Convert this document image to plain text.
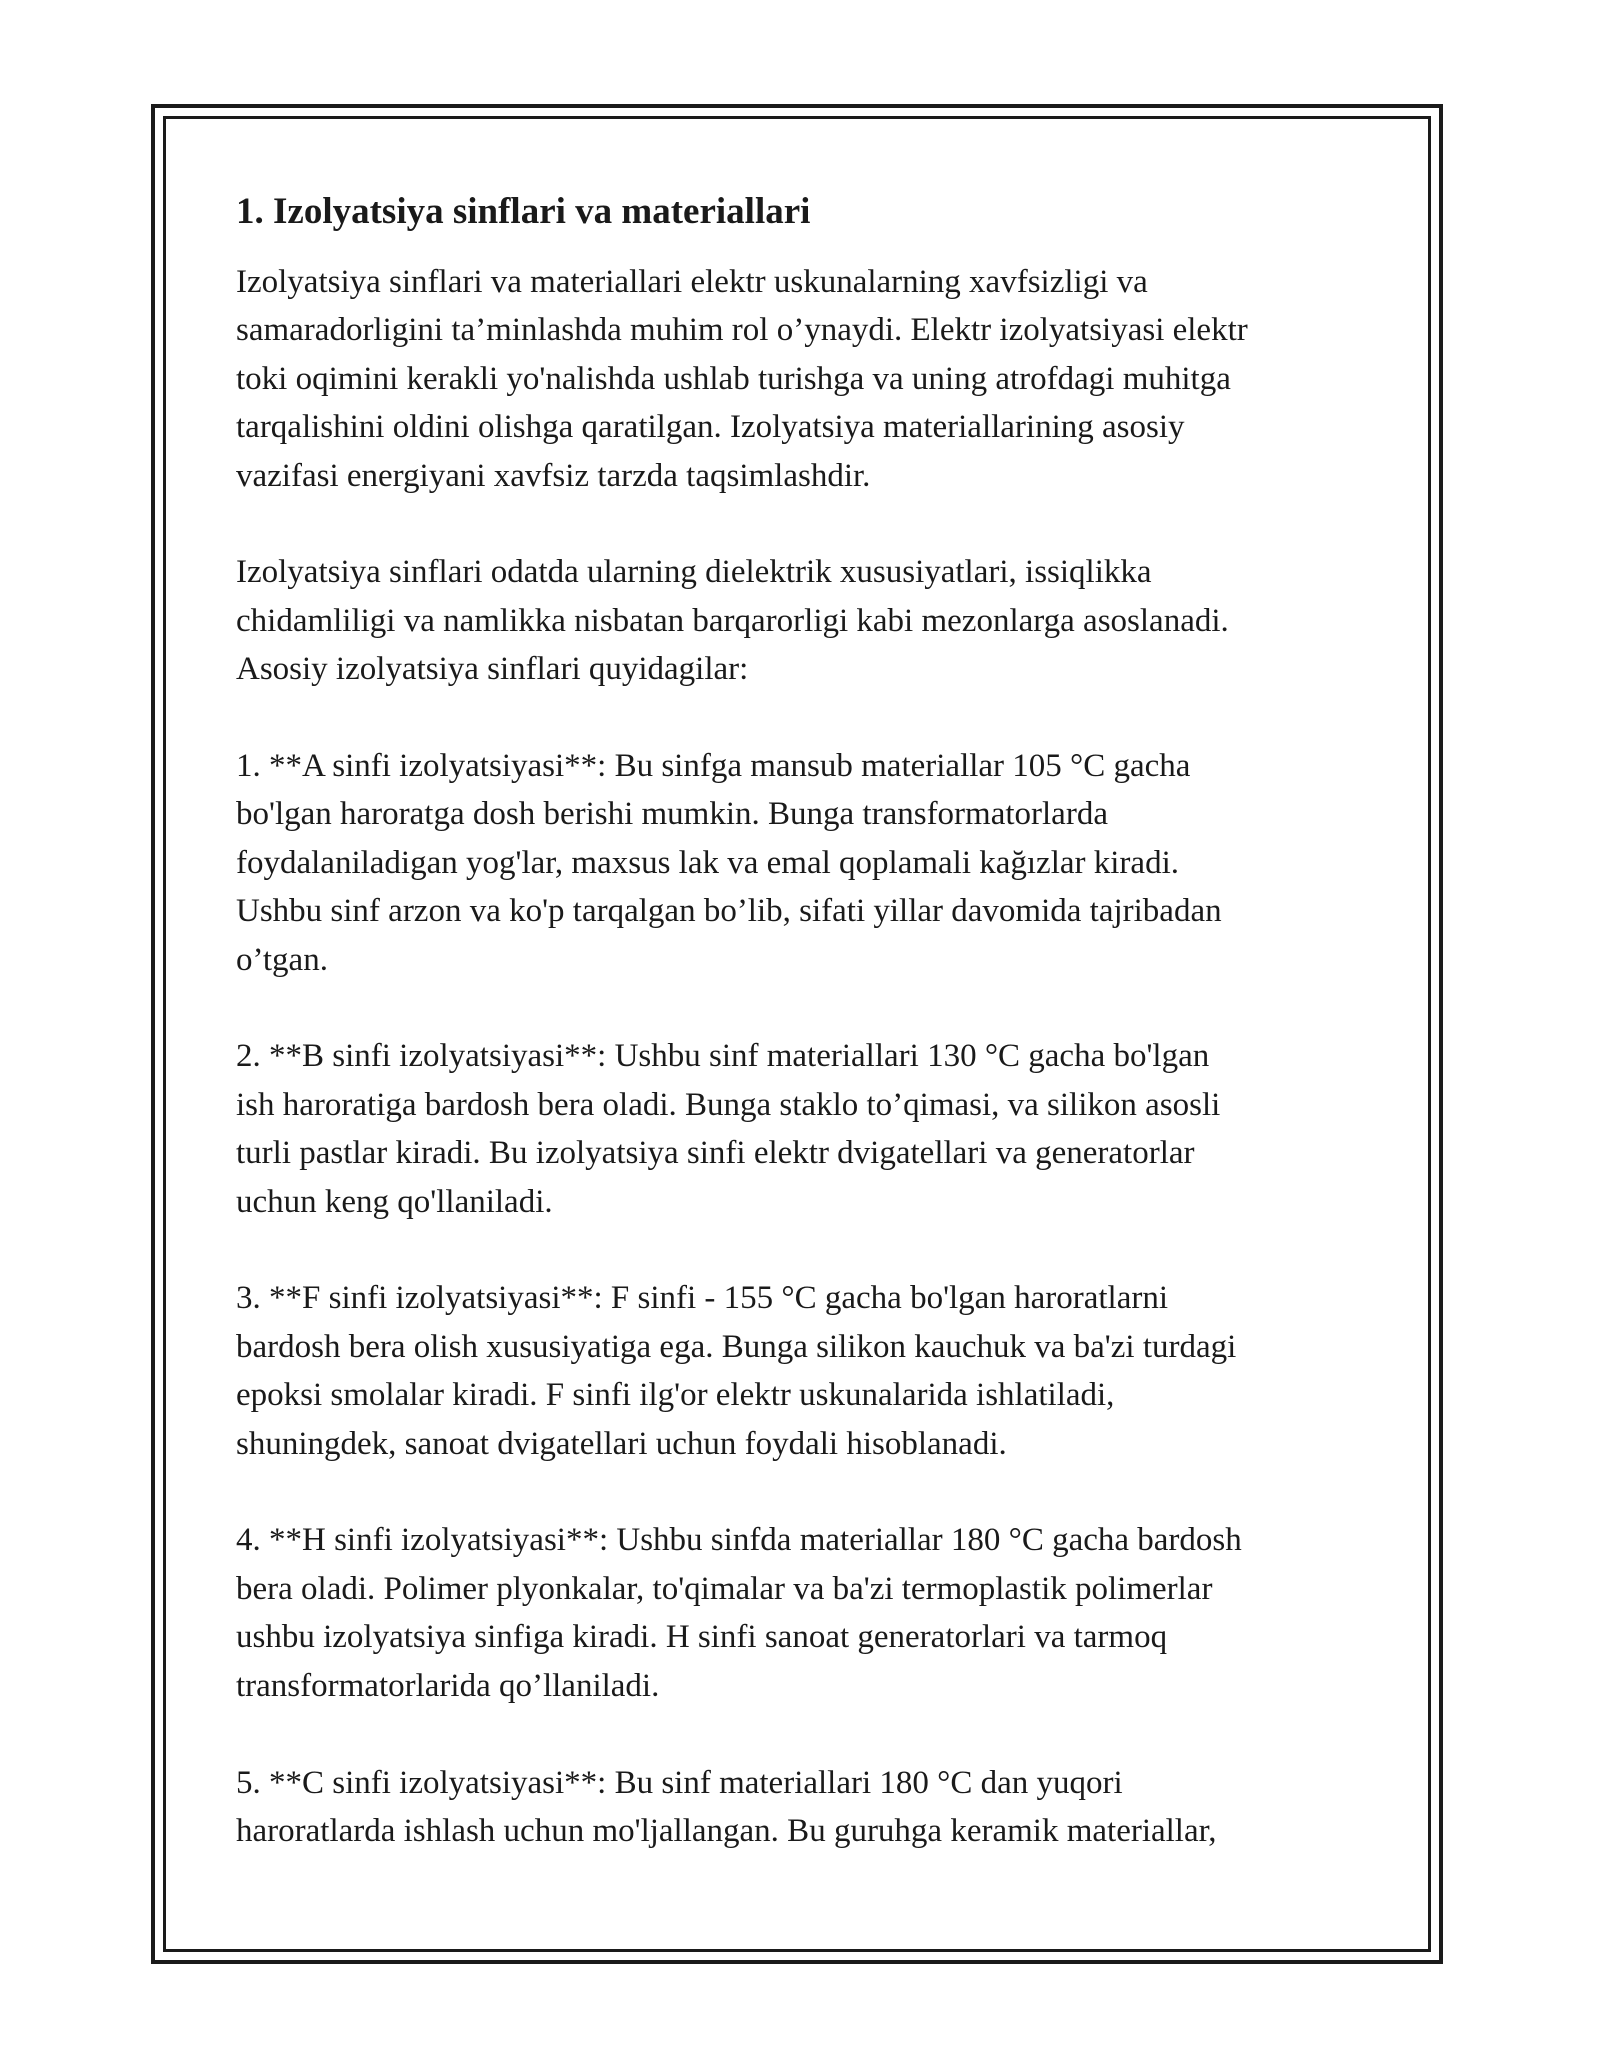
1. Izolyatsiya sinflari va materiallari

Izolyatsiya sinflari va materiallari elektr uskunalarning xavfsizligi va
samaradorligini ta’minlashda muhim rol o’ynaydi. Elektr izolyatsiyasi elektr
toki oqimini kerakli yo'nalishda ushlab turishga va uning atrofdagi muhitga
tarqalishini oldini olishga qaratilgan. Izolyatsiya materiallarining asosiy
vazifasi energiyani xavfsiz tarzda taqsimlashdir.

Izolyatsiya sinflari odatda ularning dielektrik xususiyatlari, issiqlikka
chidamliligi va namlikka nisbatan barqarorligi kabi mezonlarga asoslanadi.
Asosiy izolyatsiya sinflari quyidagilar:

1. **A sinfi izolyatsiyasi**: Bu sinfga mansub materiallar 105 °C gacha
bo'lgan haroratga dosh berishi mumkin. Bunga transformatorlarda
foydalaniladigan yog'lar, maxsus lak va emal qoplamali kağızlar kiradi.
Ushbu sinf arzon va ko'p tarqalgan bo’lib, sifati yillar davomida tajribadan
o’tgan.

2. **B sinfi izolyatsiyasi**: Ushbu sinf materiallari 130 °C gacha bo'lgan
ish haroratiga bardosh bera oladi. Bunga staklo to’qimasi, va silikon asosli
turli pastlar kiradi. Bu izolyatsiya sinfi elektr dvigatellari va generatorlar
uchun keng qo'llaniladi.

3. **F sinfi izolyatsiyasi**: F sinfi - 155 °C gacha bo'lgan haroratlarni
bardosh bera olish xususiyatiga ega. Bunga silikon kauchuk va ba'zi turdagi
epoksi smolalar kiradi. F sinfi ilg'or elektr uskunalarida ishlatiladi,
shuningdek, sanoat dvigatellari uchun foydali hisoblanadi.

4. **H sinfi izolyatsiyasi**: Ushbu sinfda materiallar 180 °C gacha bardosh
bera oladi. Polimer plyonkalar, to'qimalar va ba'zi termoplastik polimerlar
ushbu izolyatsiya sinfiga kiradi. H sinfi sanoat generatorlari va tarmoq
transformatorlarida qo’llaniladi.

5. **C sinfi izolyatsiyasi**: Bu sinf materiallari 180 °C dan yuqori
haroratlarda ishlash uchun mo'ljallangan. Bu guruhga keramik materiallar,
